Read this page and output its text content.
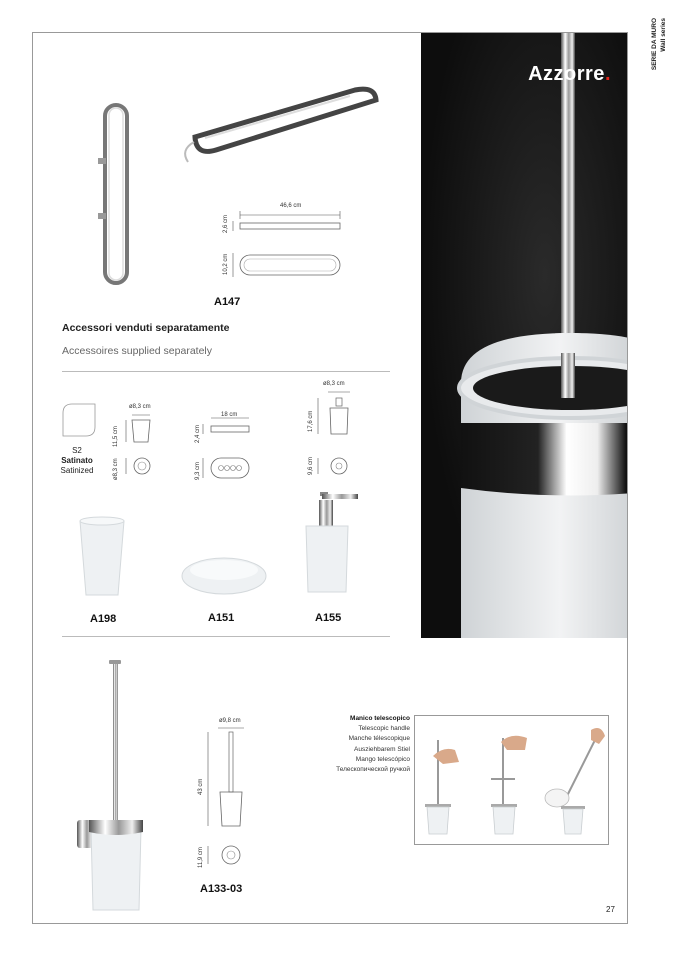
SERIE DA MURO Wall series
Azzorre.
46,6 cm
2,6 cm
10,2 cm
A147
Accessori venduti separatamente
Accessoires supplied separately
S2
Satinato
Satinized
ø8,3 cm
11,5 cm
ø8,3 cm
18 cm
2,4 cm
9,3 cm
ø8,3 cm
17,6 cm
9,6 cm
A198	A151	A155
ø9,8 cm
43 cm
11,9 cm
A133-03
Manico telescopico
Telescopic handle
Manche télescopique
Ausziehbarem Stiel
Mango telescópico
Телескопической ручкой
27
